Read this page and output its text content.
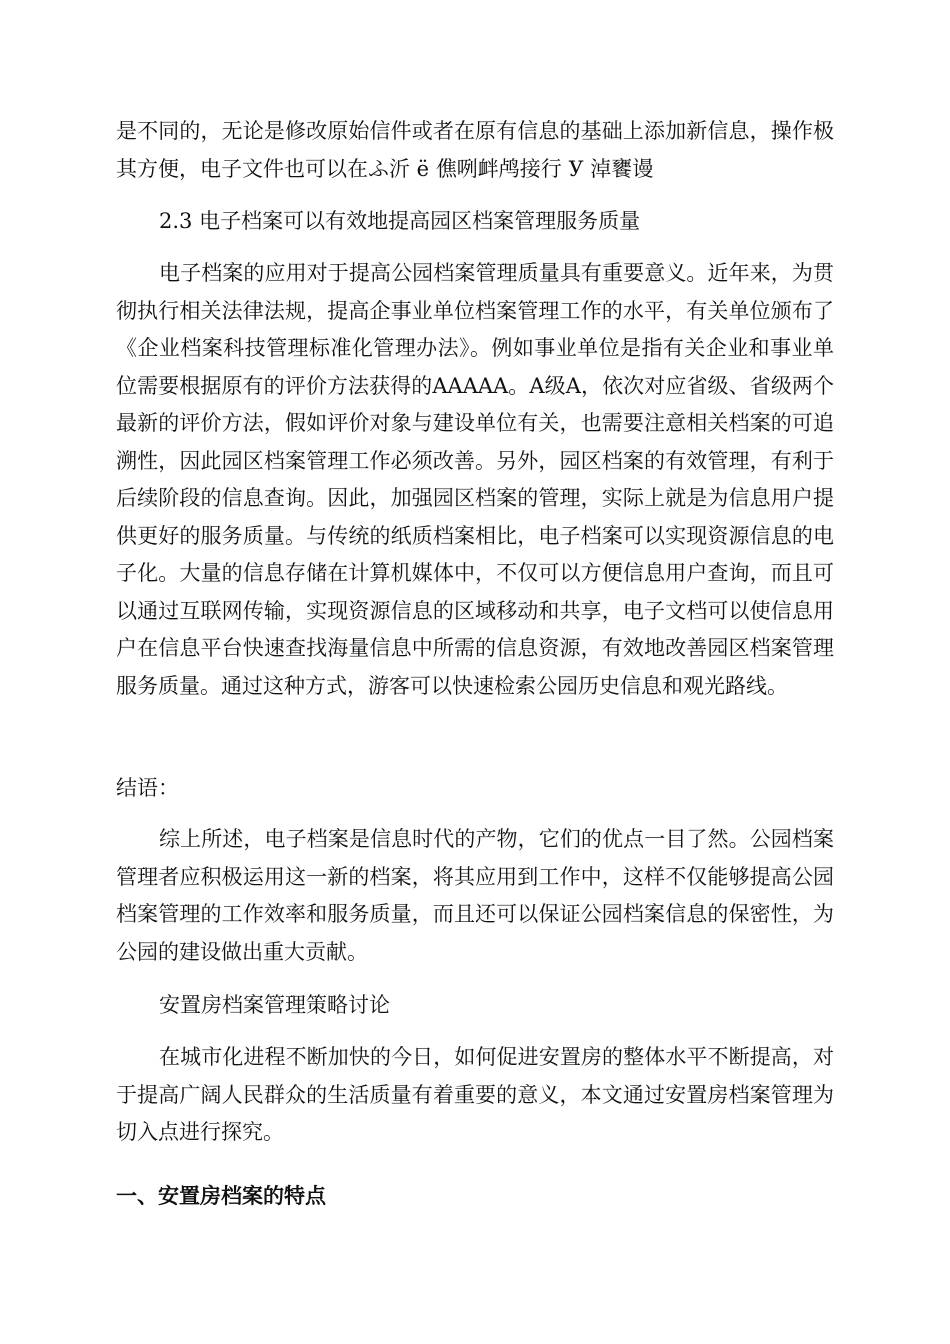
是不同的，无论是修改原始信件或者在原有信息的基础上添加新信息，操作极其方便，电子文件也可以在ふ沂 ё 僬咧衅鸬接行 У 淖饔谩
2.3 电子档案可以有效地提高园区档案管理服务质量
电子档案的应用对于提高公园档案管理质量具有重要意义。近年来，为贯彻执行相关法律法规，提高企事业单位档案管理工作的水平，有关单位颁布了《企业档案科技管理标准化管理办法》。例如事业单位是指有关企业和事业单位需要根据原有的评价方法获得的AAAAA。A级A，依次对应省级、省级两个最新的评价方法，假如评价对象与建设单位有关，也需要注意相关档案的可追溯性，因此园区档案管理工作必须改善。另外，园区档案的有效管理，有利于后续阶段的信息查询。因此，加强园区档案的管理，实际上就是为信息用户提供更好的服务质量。与传统的纸质档案相比，电子档案可以实现资源信息的电子化。大量的信息存储在计算机媒体中，不仅可以方便信息用户查询，而且可以通过互联网传输，实现资源信息的区域移动和共享，电子文档可以使信息用户在信息平台快速查找海量信息中所需的信息资源，有效地改善园区档案管理服务质量。通过这种方式，游客可以快速检索公园历史信息和观光路线。
结语：
综上所述，电子档案是信息时代的产物，它们的优点一目了然。公园档案管理者应积极运用这一新的档案，将其应用到工作中，这样不仅能够提高公园档案管理的工作效率和服务质量，而且还可以保证公园档案信息的保密性，为公园的建设做出重大贡献。
安置房档案管理策略讨论
在城市化进程不断加快的今日，如何促进安置房的整体水平不断提高，对于提高广阔人民群众的生活质量有着重要的意义，本文通过安置房档案管理为切入点进行探究。
一、安置房档案的特点
